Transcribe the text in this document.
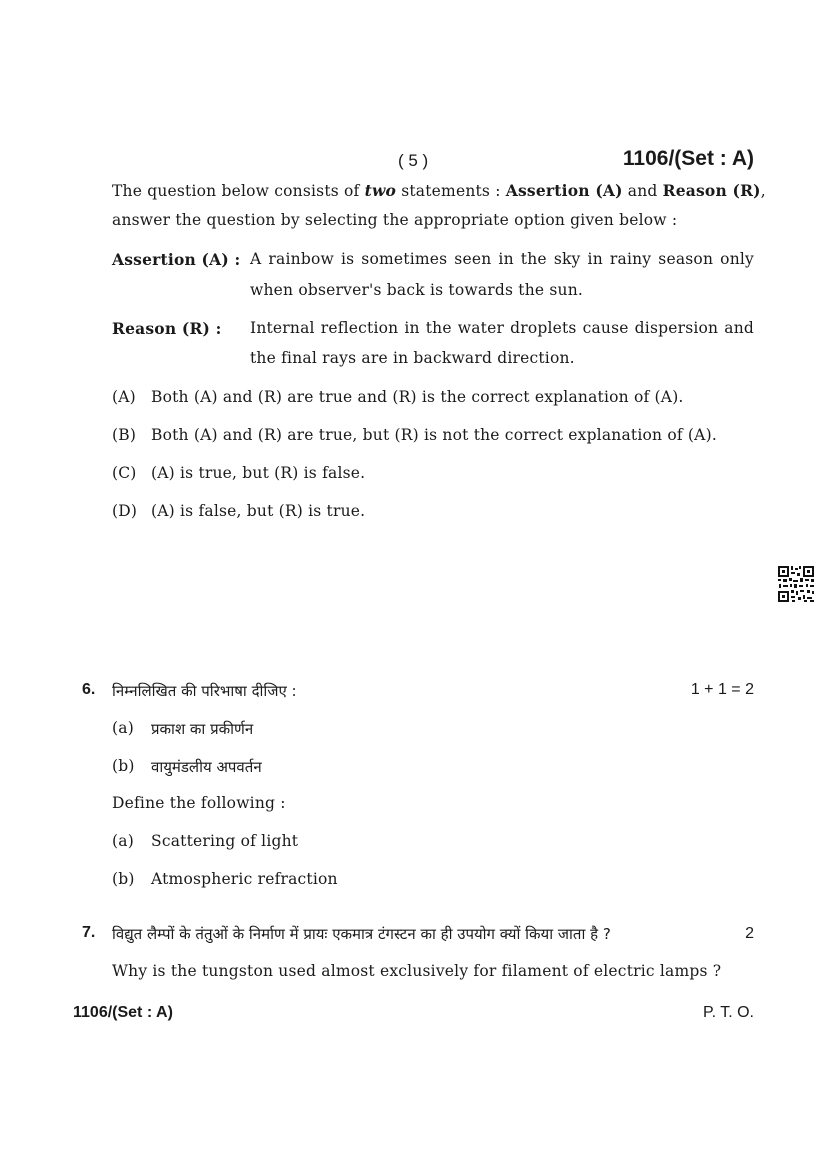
( 5 )	1106/(Set : A)
The question below consists of two statements : Assertion (A) and Reason (R),
answer the question by selecting the appropriate option given below :
Assertion (A) : A rainbow is sometimes seen in the sky in rainy season only
when observer's back is towards the sun.
Reason (R) : Internal reflection in the water droplets cause dispersion and
the final rays are in backward direction.
(A) Both (A) and (R) are true and (R) is the correct explanation of (A).
(B) Both (A) and (R) are true, but (R) is not the correct explanation of (A).
(C) (A) is true, but (R) is false.
(D) (A) is false, but (R) is true.
6. निम्नलिखित की परिभाषा दीजिए :	1 + 1 = 2
(a) प्रकाश का प्रकीर्णन
(b) वायुमंडलीय अपवर्तन
Define the following :
(a) Scattering of light
(b) Atmospheric refraction
7. विद्युत लैम्पों के तंतुओं के निर्माण में प्रायः एकमात्र टंगस्टन का ही उपयोग क्यों किया जाता है ?	2
Why is the tungston used almost exclusively for filament of electric lamps ?
1106/(Set : A)	P. T. O.
